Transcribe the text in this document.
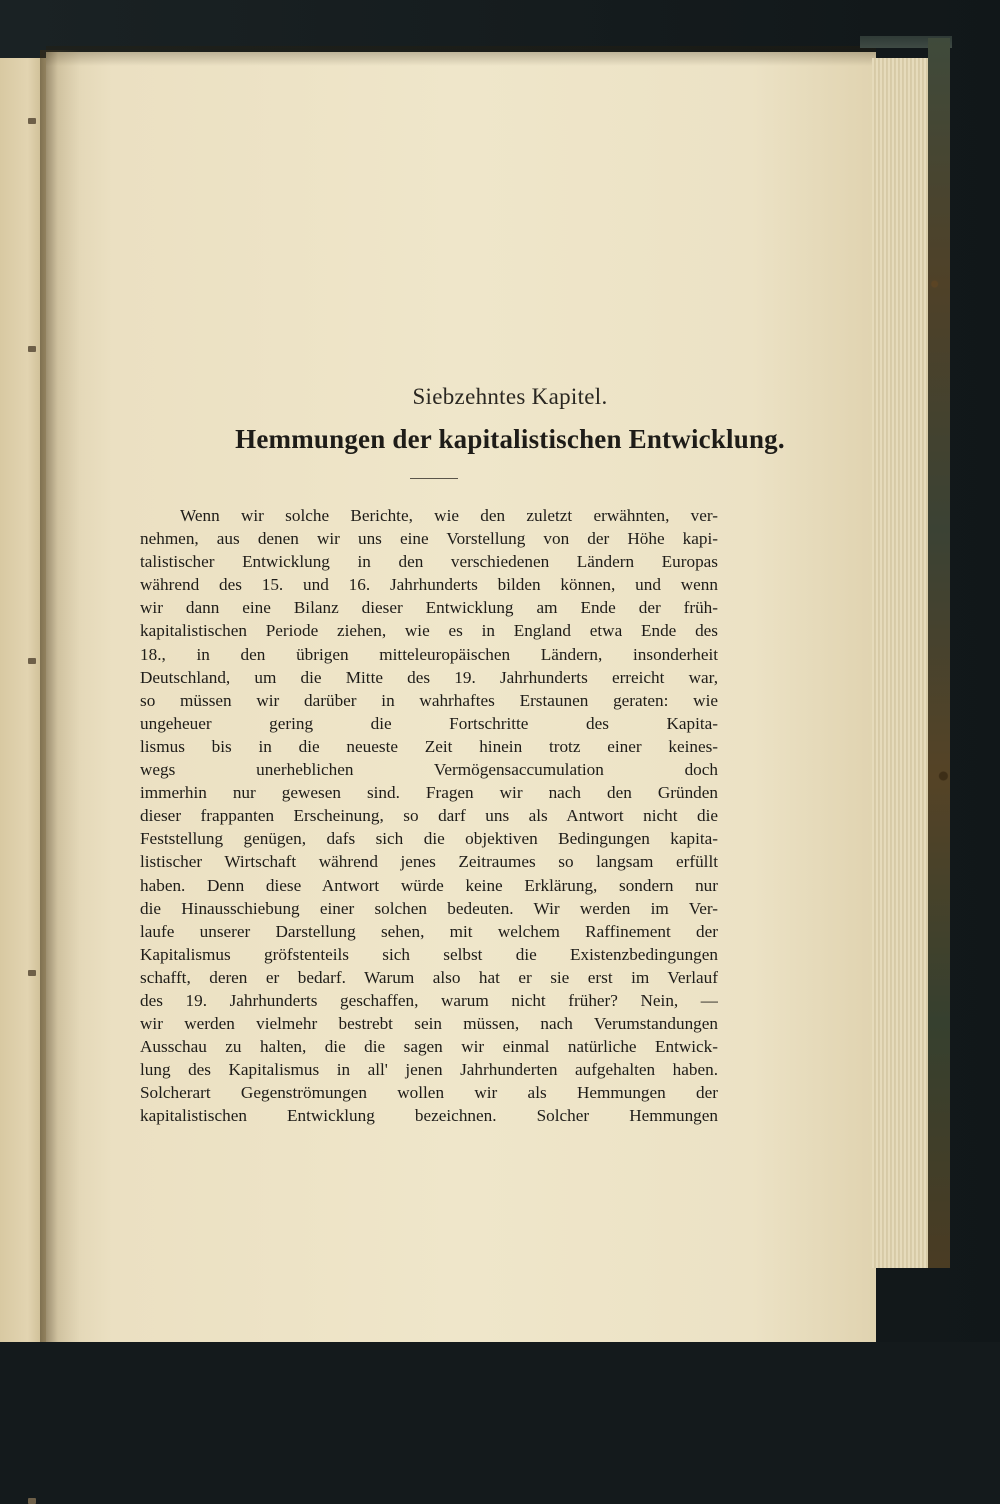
Siebzehntes Kapitel.
Hemmungen der kapitalistischen Entwicklung.
Wenn wir solche Berichte, wie den zuletzt erwähnten, ver-
nehmen, aus denen wir uns eine Vorstellung von der Höhe kapi-
talistischer Entwicklung in den verschiedenen Ländern Europas
während des 15. und 16. Jahrhunderts bilden können, und wenn
wir dann eine Bilanz dieser Entwicklung am Ende der früh-
kapitalistischen Periode ziehen, wie es in England etwa Ende des
18., in den übrigen mitteleuropäischen Ländern, insonderheit
Deutschland, um die Mitte des 19. Jahrhunderts erreicht war,
so müssen wir darüber in wahrhaftes Erstaunen geraten: wie
ungeheuer gering die Fortschritte des Kapita-
lismus bis in die neueste Zeit hinein trotz einer keines-
wegs unerheblichen Vermögensaccumulation doch
immerhin nur gewesen sind. Fragen wir nach den Gründen
dieser frappanten Erscheinung, so darf uns als Antwort nicht die
Feststellung genügen, dafs sich die objektiven Bedingungen kapita-
listischer Wirtschaft während jenes Zeitraumes so langsam erfüllt
haben. Denn diese Antwort würde keine Erklärung, sondern nur
die Hinausschiebung einer solchen bedeuten. Wir werden im Ver-
laufe unserer Darstellung sehen, mit welchem Raffinement der
Kapitalismus gröfstenteils sich selbst die Existenzbedingungen
schafft, deren er bedarf. Warum also hat er sie erst im Verlauf
des 19. Jahrhunderts geschaffen, warum nicht früher? Nein, —
wir werden vielmehr bestrebt sein müssen, nach Verumstandungen
Ausschau zu halten, die die sagen wir einmal natürliche Entwick-
lung des Kapitalismus in all' jenen Jahrhunderten aufgehalten haben.
Solcherart Gegenströmungen wollen wir als Hemmungen der
kapitalistischen Entwicklung bezeichnen. Solcher Hemmungen
